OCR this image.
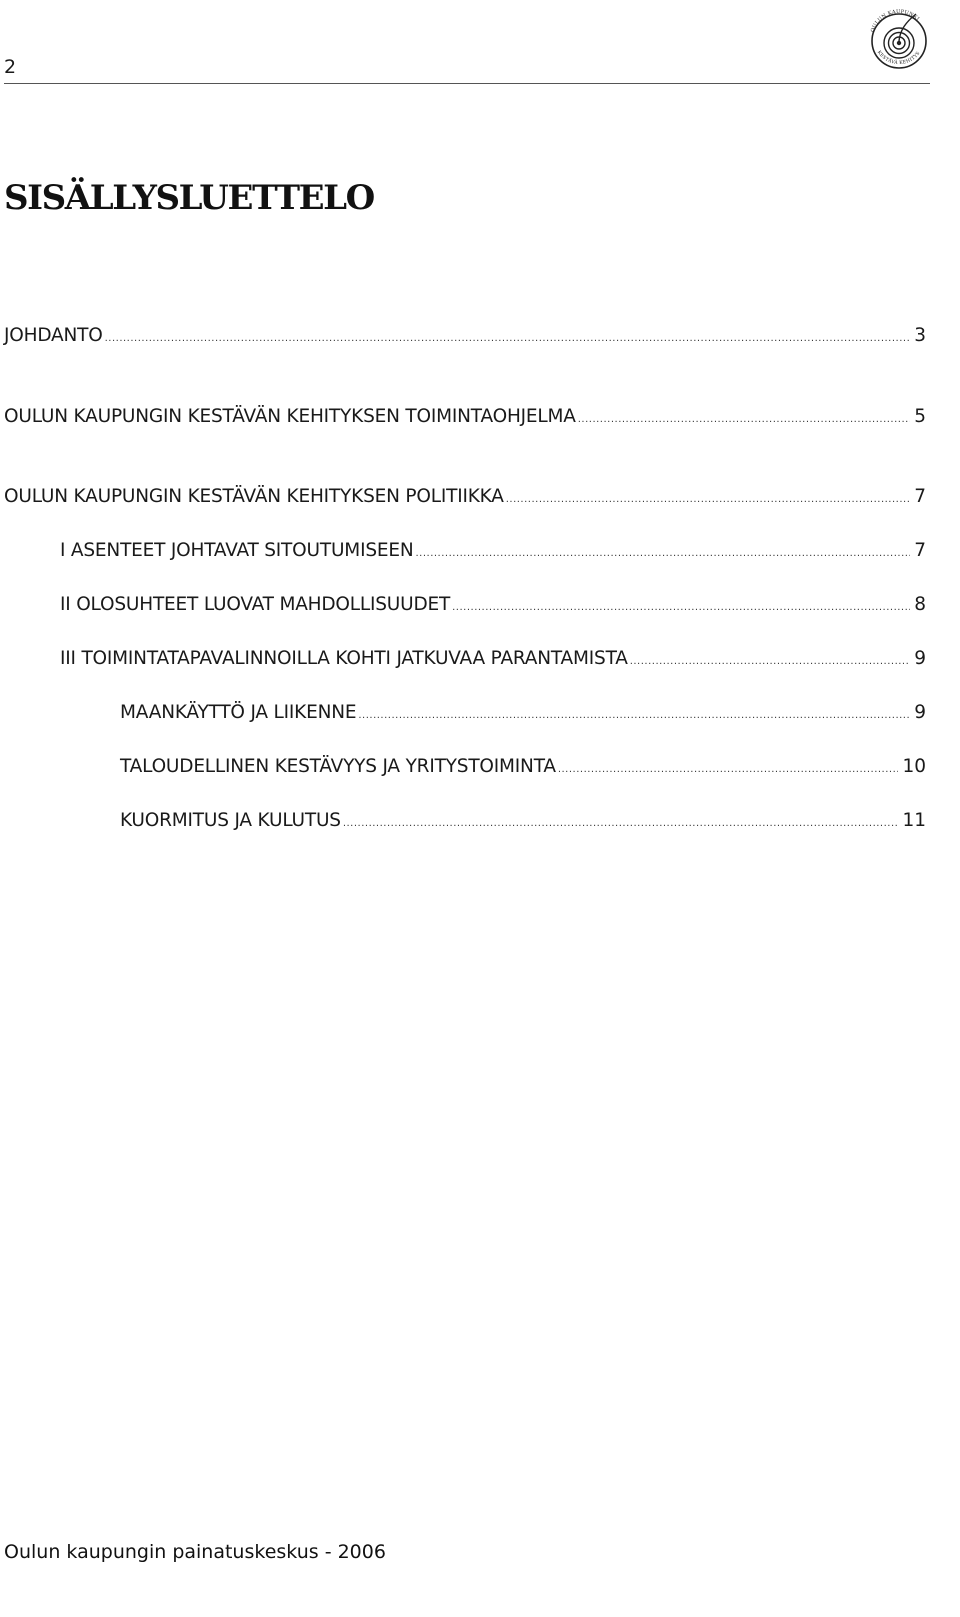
2
OULUN KAUPUNKI
KESTÄVÄ KEHITYS
SISÄLLYSLUETTELO
JOHDANTO .....	3
OULUN KAUPUNGIN KESTÄVÄN KEHITYKSEN TOIMINTAOHJELMA .....	5
OULUN KAUPUNGIN KESTÄVÄN KEHITYKSEN POLITIIKKA .....	7
I ASENTEET JOHTAVAT SITOUTUMISEEN .....	7
II OLOSUHTEET LUOVAT MAHDOLLISUUDET .....	8
III TOIMINTATAPAVALINNOILLA KOHTI JATKUVAA PARANTAMISTA .....	9
MAANKÄYTTÖ JA LIIKENNE .....	9
TALOUDELLINEN KESTÄVYYS JA YRITYSTOIMINTA .....	10
KUORMITUS JA KULUTUS .....	11
Oulun kaupungin painatuskeskus - 2006
